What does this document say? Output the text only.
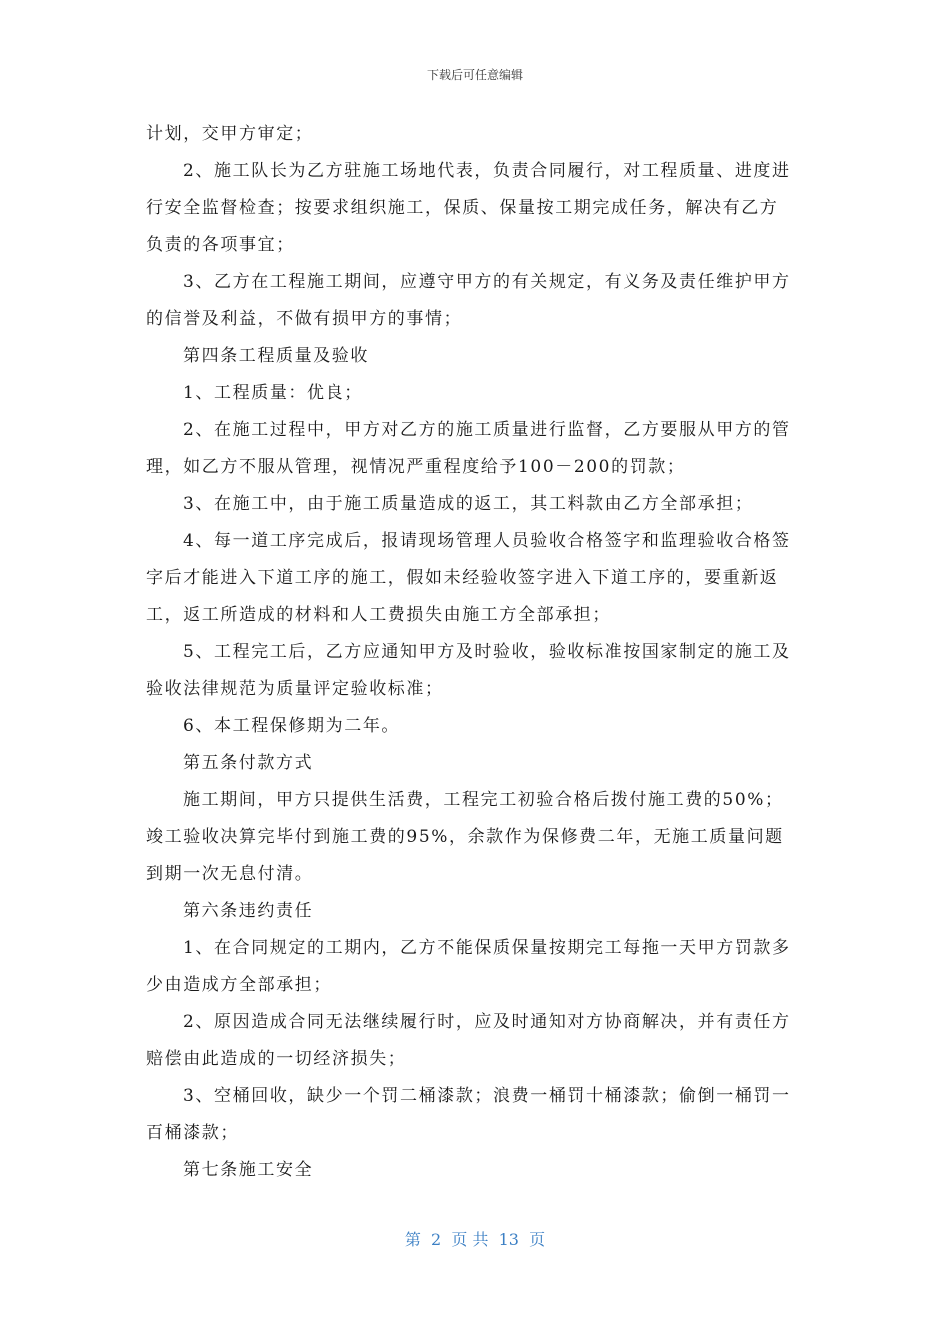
下载后可任意编辑
计划，交甲方审定；
2、施工队长为乙方驻施工场地代表，负责合同履行，对工程质量、进度进
行安全监督检查；按要求组织施工，保质、保量按工期完成任务，解决有乙方
负责的各项事宜；
3、乙方在工程施工期间，应遵守甲方的有关规定，有义务及责任维护甲方
的信誉及利益，不做有损甲方的事情；
第四条工程质量及验收
1、工程质量：优良；
2、在施工过程中，甲方对乙方的施工质量进行监督，乙方要服从甲方的管
理，如乙方不服从管理，视情况严重程度给予100－200的罚款；
3、在施工中，由于施工质量造成的返工，其工料款由乙方全部承担；
4、每一道工序完成后，报请现场管理人员验收合格签字和监理验收合格签
字后才能进入下道工序的施工，假如未经验收签字进入下道工序的，要重新返
工，返工所造成的材料和人工费损失由施工方全部承担；
5、工程完工后，乙方应通知甲方及时验收，验收标准按国家制定的施工及
验收法律规范为质量评定验收标准；
6、本工程保修期为二年。
第五条付款方式
施工期间，甲方只提供生活费，工程完工初验合格后拨付施工费的50%；
竣工验收决算完毕付到施工费的95%，余款作为保修费二年，无施工质量问题
到期一次无息付清。
第六条违约责任
1、在合同规定的工期内，乙方不能保质保量按期完工每拖一天甲方罚款多
少由造成方全部承担；
2、原因造成合同无法继续履行时，应及时通知对方协商解决，并有责任方
赔偿由此造成的一切经济损失；
3、空桶回收，缺少一个罚二桶漆款；浪费一桶罚十桶漆款；偷倒一桶罚一
百桶漆款；
第七条施工安全
第  2  页 共  13  页
